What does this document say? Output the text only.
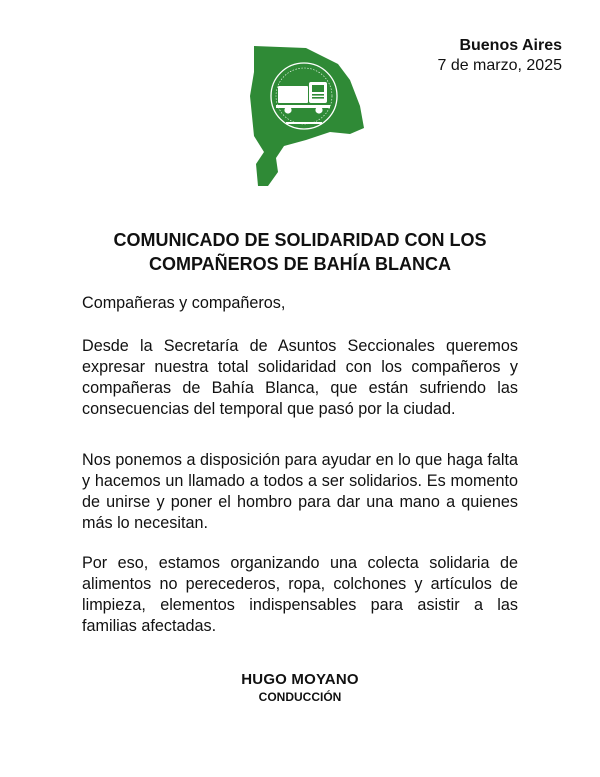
Buenos Aires
7 de marzo, 2025
COMUNICADO DE SOLIDARIDAD CON LOS
COMPAÑEROS DE BAHÍA BLANCA

Compañeras y compañeros,

Desde la Secretaría de Asuntos Seccionales queremos expresar nuestra total solidaridad con los compañeros y compañeras de Bahía Blanca, que están sufriendo las consecuencias del temporal que pasó por la ciudad.

Nos ponemos a disposición para ayudar en lo que haga falta y hacemos un llamado a todos a ser solidarios. Es momento de unirse y poner el hombro para dar una mano a quienes más lo necesitan.

Por eso, estamos organizando una colecta solidaria de alimentos no perecederos, ropa, colchones y artículos de limpieza, elementos indispensables para asistir a las familias afectadas.

HUGO MOYANO
CONDUCCIÓN
